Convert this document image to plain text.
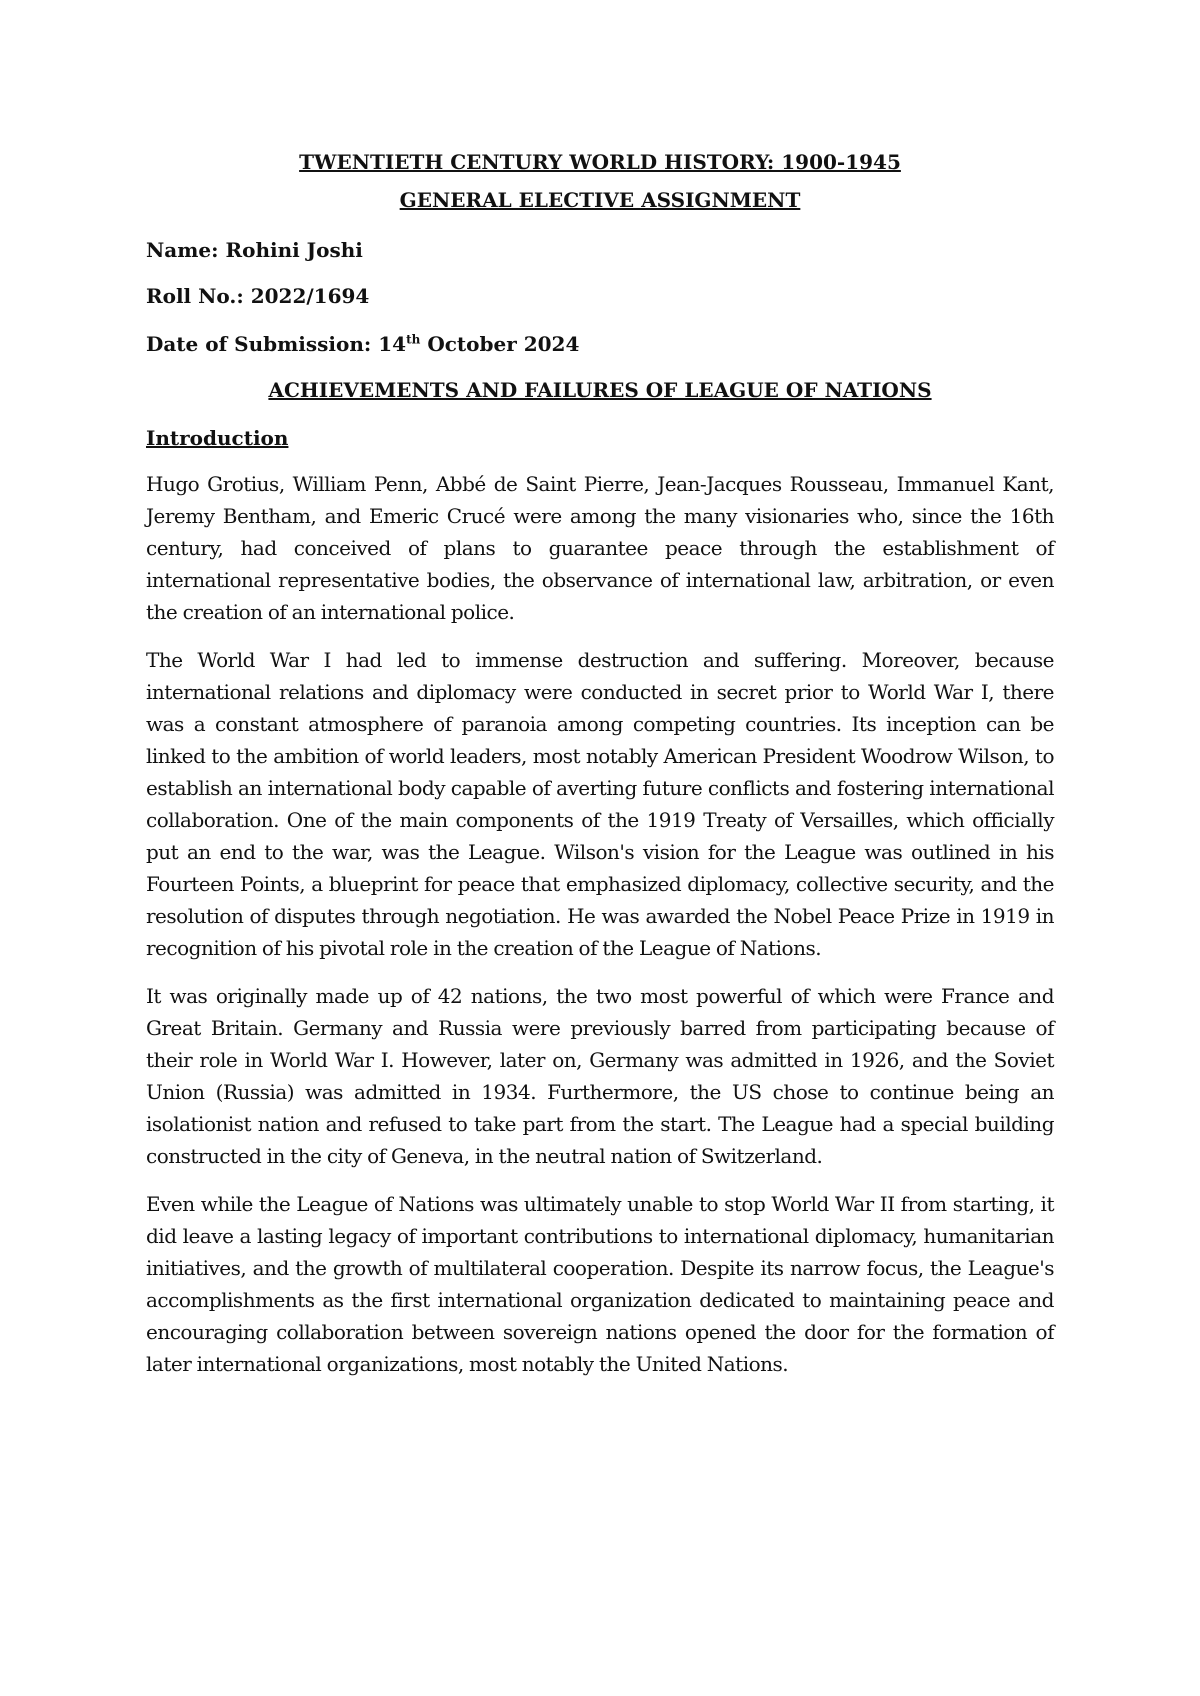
TWENTIETH CENTURY WORLD HISTORY: 1900-1945

GENERAL ELECTIVE ASSIGNMENT

Name: Rohini Joshi

Roll No.: 2022/1694

Date of Submission: 14th October 2024

ACHIEVEMENTS AND FAILURES OF LEAGUE OF NATIONS

Introduction

Hugo Grotius, William Penn, Abbé de Saint Pierre, Jean-Jacques Rousseau, Immanuel Kant, Jeremy Bentham, and Emeric Crucé were among the many visionaries who, since the 16th century, had conceived of plans to guarantee peace through the establishment of international representative bodies, the observance of international law, arbitration, or even the creation of an international police.

The World War I had led to immense destruction and suffering. Moreover, because international relations and diplomacy were conducted in secret prior to World War I, there was a constant atmosphere of paranoia among competing countries. Its inception can be linked to the ambition of world leaders, most notably American President Woodrow Wilson, to establish an international body capable of averting future conflicts and fostering international collaboration. One of the main components of the 1919 Treaty of Versailles, which officially put an end to the war, was the League. Wilson's vision for the League was outlined in his Fourteen Points, a blueprint for peace that emphasized diplomacy, collective security, and the resolution of disputes through negotiation. He was awarded the Nobel Peace Prize in 1919 in recognition of his pivotal role in the creation of the League of Nations.

It was originally made up of 42 nations, the two most powerful of which were France and Great Britain. Germany and Russia were previously barred from participating because of their role in World War I. However, later on, Germany was admitted in 1926, and the Soviet Union (Russia) was admitted in 1934. Furthermore, the US chose to continue being an isolationist nation and refused to take part from the start. The League had a special building constructed in the city of Geneva, in the neutral nation of Switzerland.

Even while the League of Nations was ultimately unable to stop World War II from starting, it did leave a lasting legacy of important contributions to international diplomacy, humanitarian initiatives, and the growth of multilateral cooperation. Despite its narrow focus, the League's accomplishments as the first international organization dedicated to maintaining peace and encouraging collaboration between sovereign nations opened the door for the formation of later international organizations, most notably the United Nations.
